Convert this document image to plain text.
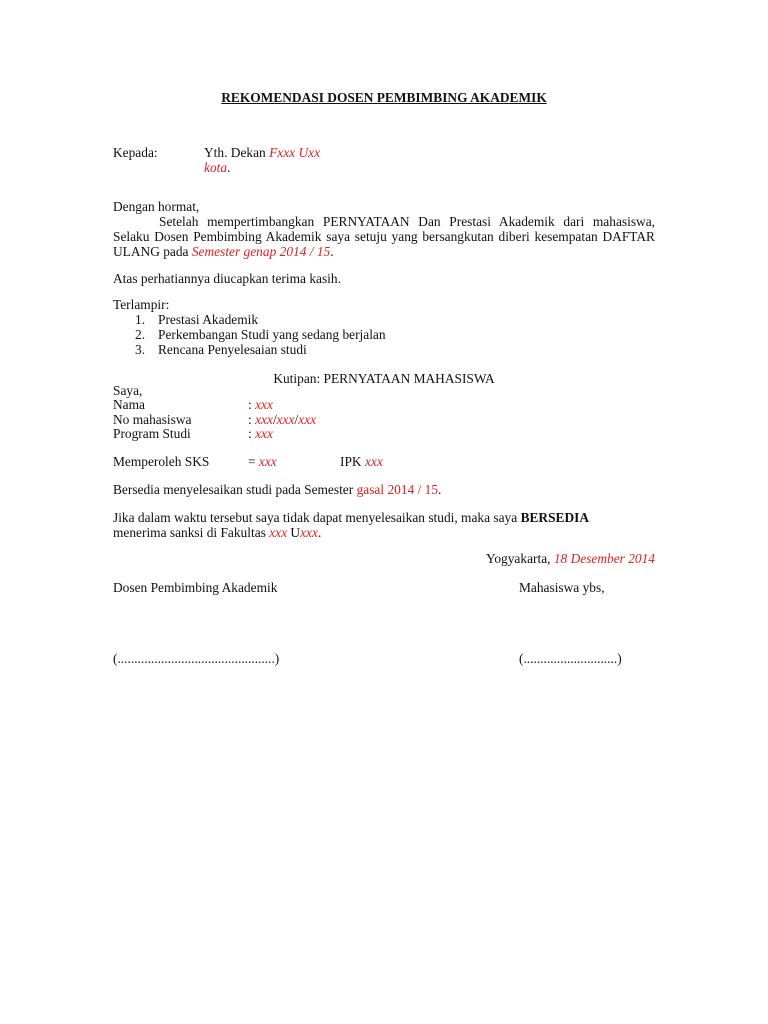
REKOMENDASI DOSEN PEMBIMBING AKADEMIK
Kepada:	Yth. Dekan Fxxx Uxx
kota.
Dengan hormat,
Setelah mempertimbangkan PERNYATAAN Dan Prestasi Akademik dari mahasiswa, Selaku Dosen Pembimbing Akademik saya setuju yang bersangkutan diberi kesempatan DAFTAR ULANG pada Semester genap 2014 / 15.
Atas perhatiannya diucapkan terima kasih.
Terlampir:
1. Prestasi Akademik
2. Perkembangan Studi yang sedang berjalan
3. Rencana Penyelesaian studi
Kutipan: PERNYATAAN MAHASISWA
Saya,
Nama	: xxx
No mahasiswa	: xxx/xxx/xxx
Program Studi	: xxx
Memperoleh SKS	= xxx	IPK xxx
Bersedia menyelesaikan studi pada Semester gasal 2014 / 15.
Jika dalam waktu tersebut saya tidak dapat menyelesaikan studi, maka saya BERSEDIA
menerima sanksi di Fakultas xxx Uxxx.
Yogyakarta, 18 Desember 2014
Dosen Pembimbing Akademik	Mahasiswa ybs,
(...............................................)	(............................)
